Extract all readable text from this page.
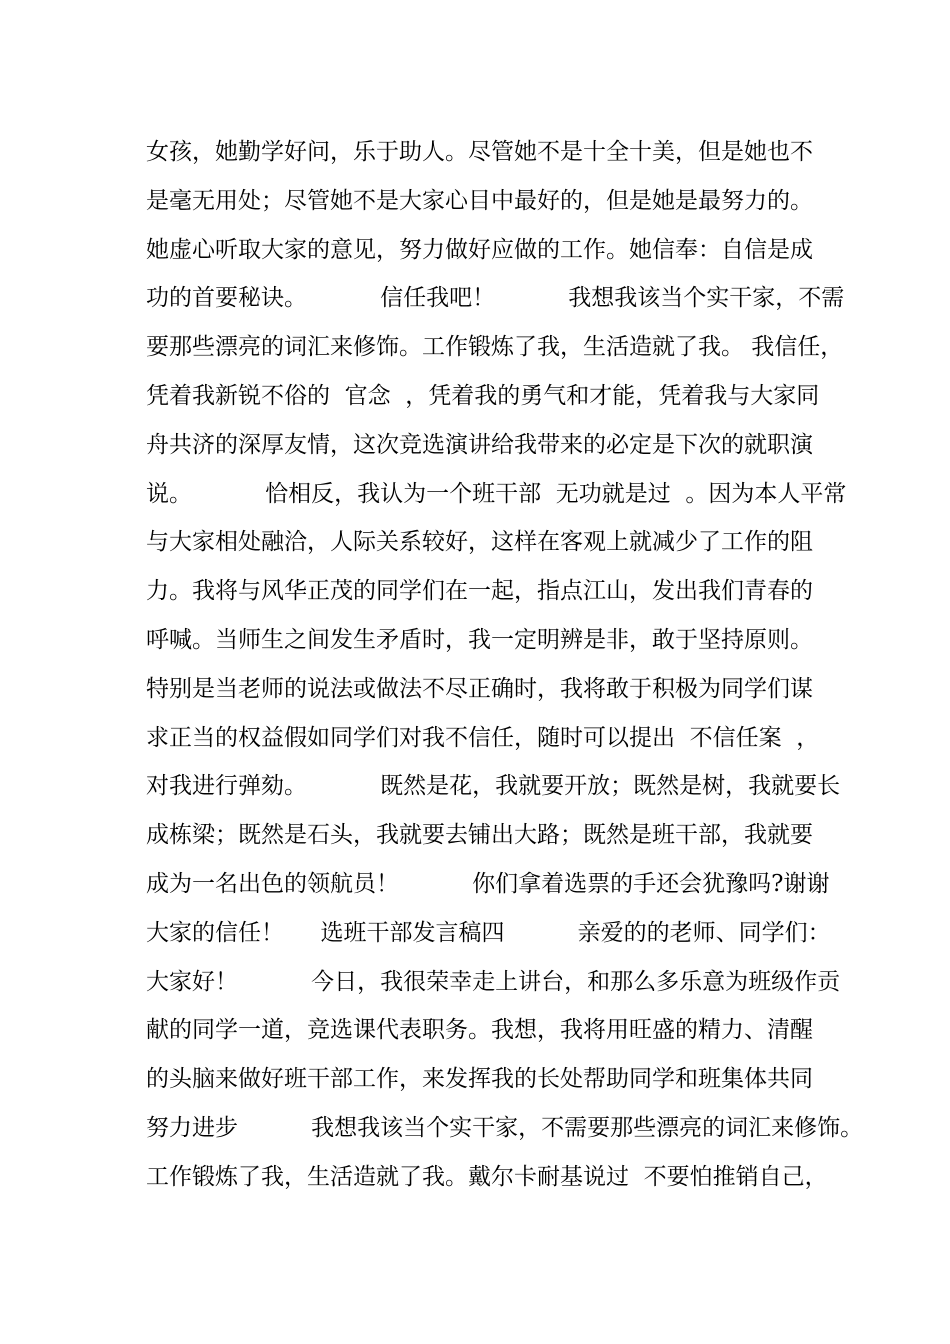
女孩，她勤学好问，乐于助人。尽管她不是十全十美，但是她也不
是毫无用处；尽管她不是大家心目中最好的，但是她是最努力的。
她虚心听取大家的意见，努力做好应做的工作。她信奉：自信是成
功的首要秘诀。          信任我吧！          我想我该当个实干家，不需
要那些漂亮的词汇来修饰。工作锻炼了我，生活造就了我。 我信任，
凭着我新锐不俗的  官念  ，凭着我的勇气和才能，凭着我与大家同
舟共济的深厚友情，这次竞选演讲给我带来的必定是下次的就职演
说。          恰相反，我认为一个班干部  无功就是过  。因为本人平常
与大家相处融洽，人际关系较好，这样在客观上就减少了工作的阻
力。我将与风华正茂的同学们在一起，指点江山，发出我们青春的
呼喊。当师生之间发生矛盾时，我一定明辨是非，敢于坚持原则。
特别是当老师的说法或做法不尽正确时，我将敢于积极为同学们谋
求正当的权益假如同学们对我不信任，随时可以提出  不信任案  ，
对我进行弹劾。          既然是花，我就要开放；既然是树，我就要长
成栋梁；既然是石头，我就要去铺出大路；既然是班干部，我就要
成为一名出色的领航员！          你们拿着选票的手还会犹豫吗?谢谢
大家的信任！     选班干部发言稿四          亲爱的的老师、同学们：
大家好！          今日，我很荣幸走上讲台，和那么多乐意为班级作贡
献的同学一道，竞选课代表职务。我想，我将用旺盛的精力、清醒
的头脑来做好班干部工作，来发挥我的长处帮助同学和班集体共同
努力进步          我想我该当个实干家，不需要那些漂亮的词汇来修饰。
工作锻炼了我，生活造就了我。戴尔卡耐基说过  不要怕推销自己，
